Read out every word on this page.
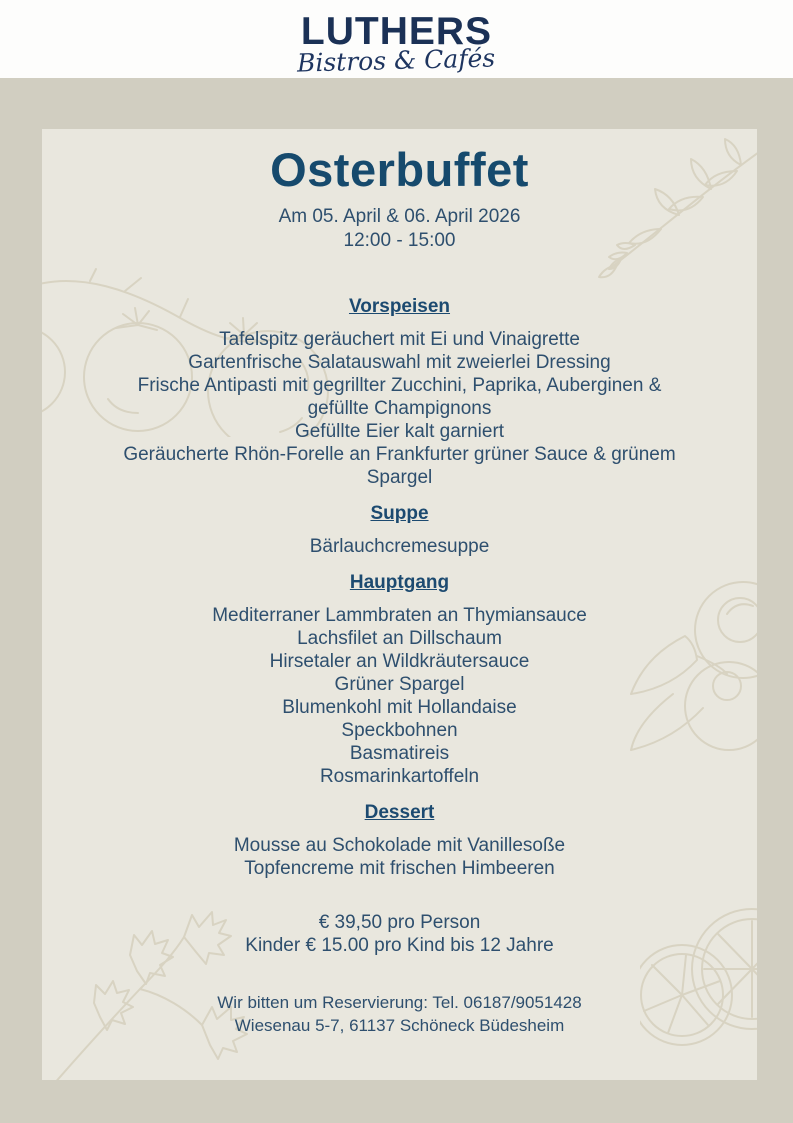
LUTHERS
Bistros & Cafés
Osterbuffet

Am 05. April & 06. April 2026

12:00 - 15:00

Vorspeisen

Tafelspitz geräuchert mit Ei und Vinaigrette

Gartenfrische Salatauswahl mit zweierlei Dressing

Frische Antipasti mit gegrillter Zucchini, Paprika, Auberginen & gefüllte Champignons

Gefüllte Eier kalt garniert

Geräucherte Rhön-Forelle an Frankfurter grüner Sauce & grünem Spargel

Suppe

Bärlauchcremesuppe

Hauptgang

Mediterraner Lammbraten an Thymiansauce

Lachsfilet an Dillschaum

Hirsetaler an Wildkräutersauce

Grüner Spargel

Blumenkohl mit Hollandaise

Speckbohnen

Basmatireis

Rosmarinkartoffeln

Dessert

Mousse au Schokolade mit Vanillesoße

Topfencreme mit frischen Himbeeren

€ 39,50 pro Person

Kinder € 15.00 pro Kind bis 12 Jahre

Wir bitten um Reservierung: Tel. 06187/9051428

Wiesenau 5-7, 61137 Schöneck Büdesheim
